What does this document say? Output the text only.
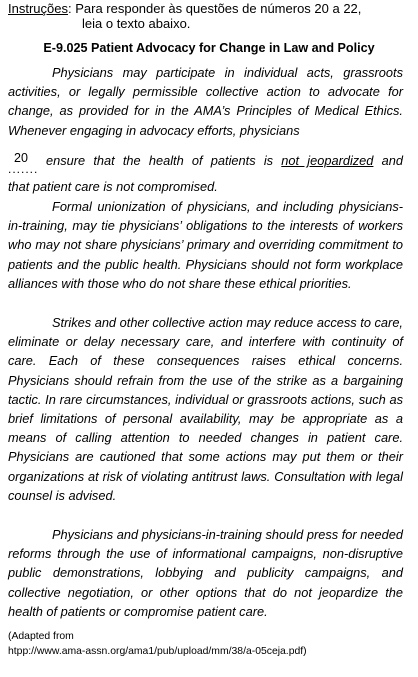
Instruções: Para responder às questões de números 20 a 22,
leia o texto abaixo.
E-9.025 Patient Advocacy for Change in Law and Policy

Physicians may participate in individual acts, grassroots activities, or legally permissible collective action to advocate for change, as provided for in the AMA’s Principles of Medical Ethics. Whenever engaging in advocacy efforts, physicians

20
.......
ensure that the health of patients is not jeopardized and

that patient care is not compromised.

Formal unionization of physicians, and including physicians-in-training, may tie physicians’ obligations to the interests of workers who may not share physicians’ primary and overriding commitment to patients and the public health. Physicians should not form workplace alliances with those who do not share these ethical priorities.

Strikes and other collective action may reduce access to care, eliminate or delay necessary care, and interfere with continuity of care. Each of these consequences raises ethical concerns. Physicians should refrain from the use of the strike as a bargaining tactic. In rare circumstances, individual or grassroots actions, such as brief limitations of personal availability, may be appropriate as a means of calling attention to needed changes in patient care. Physicians are cautioned that some actions may put them or their organizations at risk of violating antitrust laws. Consultation with legal counsel is advised.

Physicians and physicians-in-training should press for needed reforms through the use of informational campaigns, non-disruptive public demonstrations, lobbying and publicity campaigns, and collective negotiation, or other options that do not jeopardize the health of patients or compromise patient care.

(Adapted from
htpp://www.ama-assn.org/ama1/pub/upload/mm/38/a-05ceja.pdf)
